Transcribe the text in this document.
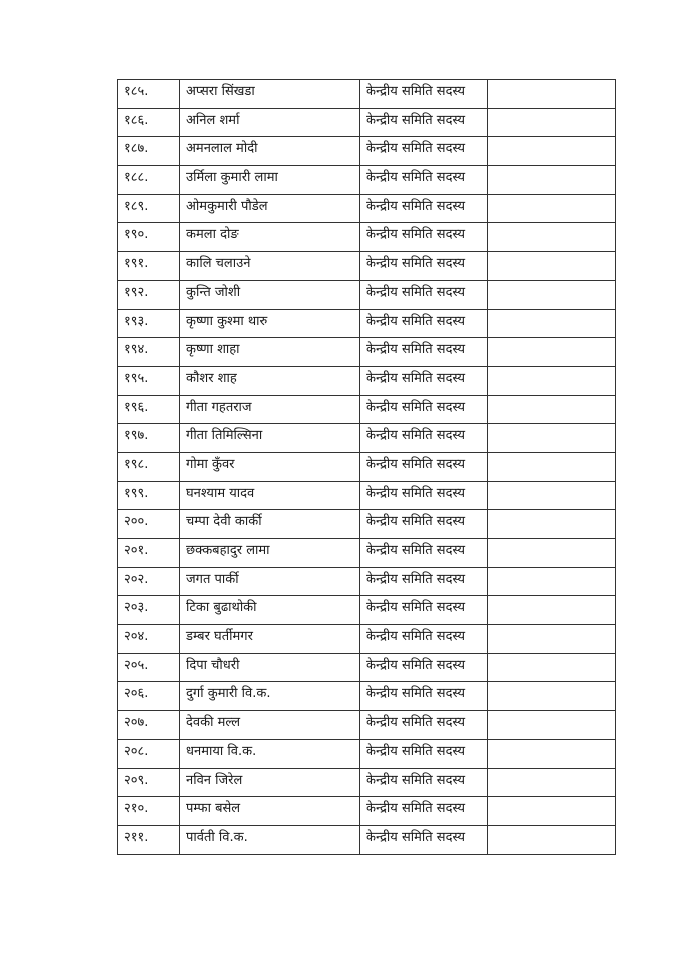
१८५.	अप्सरा सिंखडा	केन्द्रीय समिति सदस्य	
१८६.	अनिल शर्मा	केन्द्रीय समिति सदस्य	
१८७.	अमनलाल मोदी	केन्द्रीय समिति सदस्य	
१८८.	उर्मिला कुमारी लामा	केन्द्रीय समिति सदस्य	
१८९.	ओमकुमारी पौडेल	केन्द्रीय समिति सदस्य	
१९०.	कमला दोङ	केन्द्रीय समिति सदस्य	
१९१.	कालि चलाउने	केन्द्रीय समिति सदस्य	
१९२.	कुन्ति जोशी	केन्द्रीय समिति सदस्य	
१९३.	कृष्णा कुश्मा थारु	केन्द्रीय समिति सदस्य	
१९४.	कृष्णा शाहा	केन्द्रीय समिति सदस्य	
१९५.	कौशर शाह	केन्द्रीय समिति सदस्य	
१९६.	गीता गहतराज	केन्द्रीय समिति सदस्य	
१९७.	गीता तिमिल्सिना	केन्द्रीय समिति सदस्य	
१९८.	गोमा कुँवर	केन्द्रीय समिति सदस्य	
१९९.	घनश्याम यादव	केन्द्रीय समिति सदस्य	
२००.	चम्पा देवी कार्की	केन्द्रीय समिति सदस्य	
२०१.	छक्कबहादुर लामा	केन्द्रीय समिति सदस्य	
२०२.	जगत पार्की	केन्द्रीय समिति सदस्य	
२०३.	टिका बुढाथोकी	केन्द्रीय समिति सदस्य	
२०४.	डम्बर घर्तीमगर	केन्द्रीय समिति सदस्य	
२०५.	दिपा चौधरी	केन्द्रीय समिति सदस्य	
२०६.	दुर्गा कुमारी वि.क.	केन्द्रीय समिति सदस्य	
२०७.	देवकी मल्ल	केन्द्रीय समिति सदस्य	
२०८.	धनमाया वि.क.	केन्द्रीय समिति सदस्य	
२०९.	नविन जिरेल	केन्द्रीय समिति सदस्य	
२१०.	पम्फा बसेल	केन्द्रीय समिति सदस्य	
२११.	पार्वती वि.क.	केन्द्रीय समिति सदस्य	
